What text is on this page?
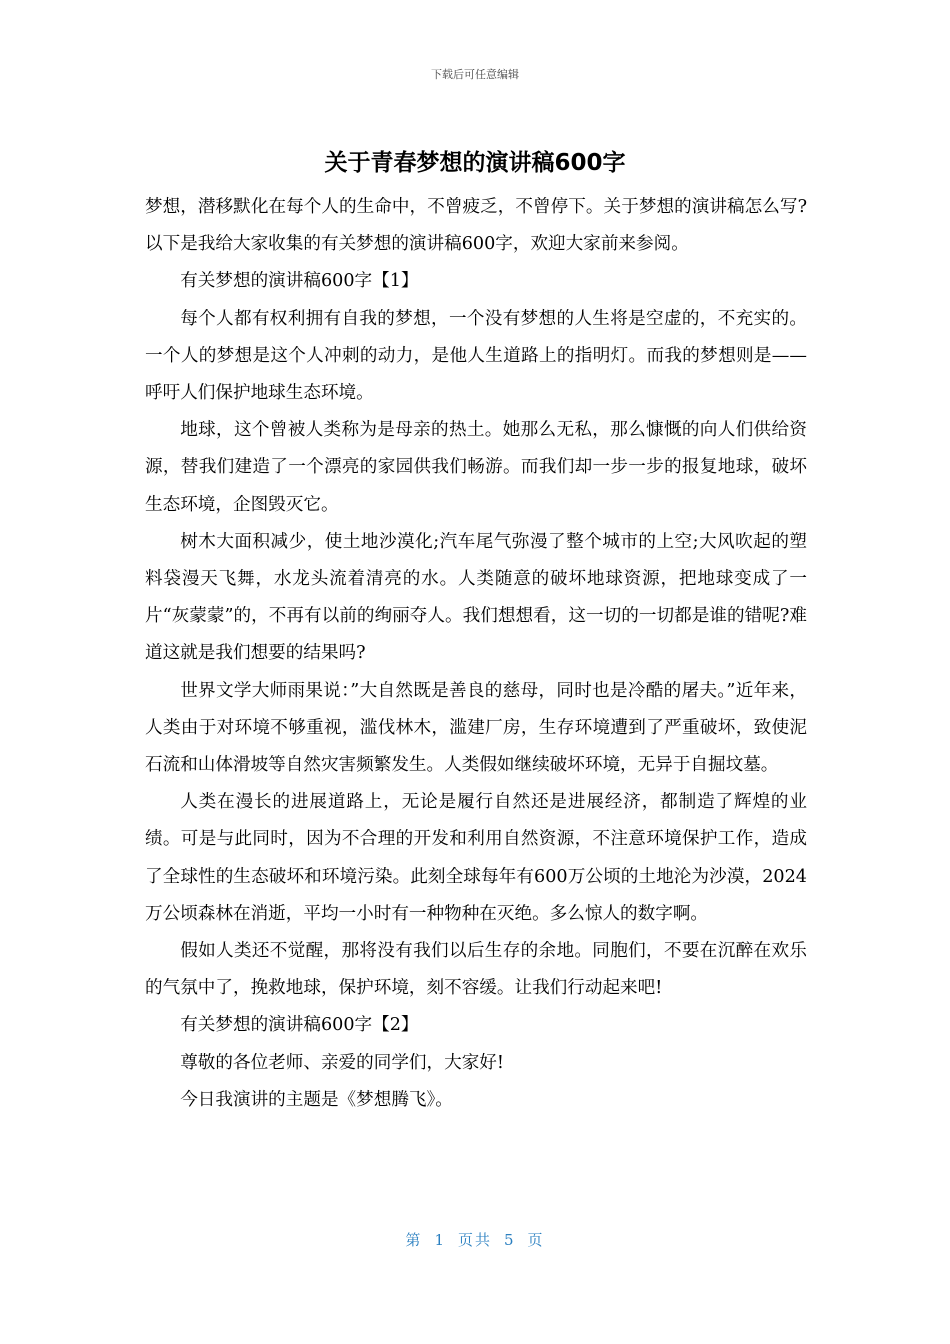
下载后可任意编辑
关于青春梦想的演讲稿600字

梦想，潜移默化在每个人的生命中，不曾疲乏，不曾停下。关于梦想的演讲稿怎么写?以下是我给大家收集的有关梦想的演讲稿600字，欢迎大家前来参阅。

有关梦想的演讲稿600字【1】

每个人都有权利拥有自我的梦想，一个没有梦想的人生将是空虚的，不充实的。一个人的梦想是这个人冲刺的动力，是他人生道路上的指明灯。而我的梦想则是——呼吁人们保护地球生态环境。

地球，这个曾被人类称为是母亲的热土。她那么无私，那么慷慨的向人们供给资源，替我们建造了一个漂亮的家园供我们畅游。而我们却一步一步的报复地球，破坏生态环境，企图毁灭它。

树木大面积减少，使土地沙漠化;汽车尾气弥漫了整个城市的上空;大风吹起的塑料袋漫天飞舞，水龙头流着清亮的水。人类随意的破坏地球资源，把地球变成了一片“灰蒙蒙”的，不再有以前的绚丽夺人。我们想想看，这一切的一切都是谁的错呢?难道这就是我们想要的结果吗?

世界文学大师雨果说：”大自然既是善良的慈母，同时也是冷酷的屠夫。”近年来，人类由于对环境不够重视，滥伐林木，滥建厂房，生存环境遭到了严重破坏，致使泥石流和山体滑坡等自然灾害频繁发生。人类假如继续破坏环境，无异于自掘坟墓。

人类在漫长的进展道路上，无论是履行自然还是进展经济，都制造了辉煌的业绩。可是与此同时，因为不合理的开发和利用自然资源，不注意环境保护工作，造成了全球性的生态破坏和环境污染。此刻全球每年有600万公顷的土地沦为沙漠，2024万公顷森林在消逝，平均一小时有一种物种在灭绝。多么惊人的数字啊。

假如人类还不觉醒，那将没有我们以后生存的余地。同胞们，不要在沉醉在欢乐的气氛中了，挽救地球，保护环境，刻不容缓。让我们行动起来吧!

有关梦想的演讲稿600字【2】

尊敬的各位老师、亲爱的同学们，大家好!

今日我演讲的主题是《梦想腾飞》。

第 1 页共 5 页
